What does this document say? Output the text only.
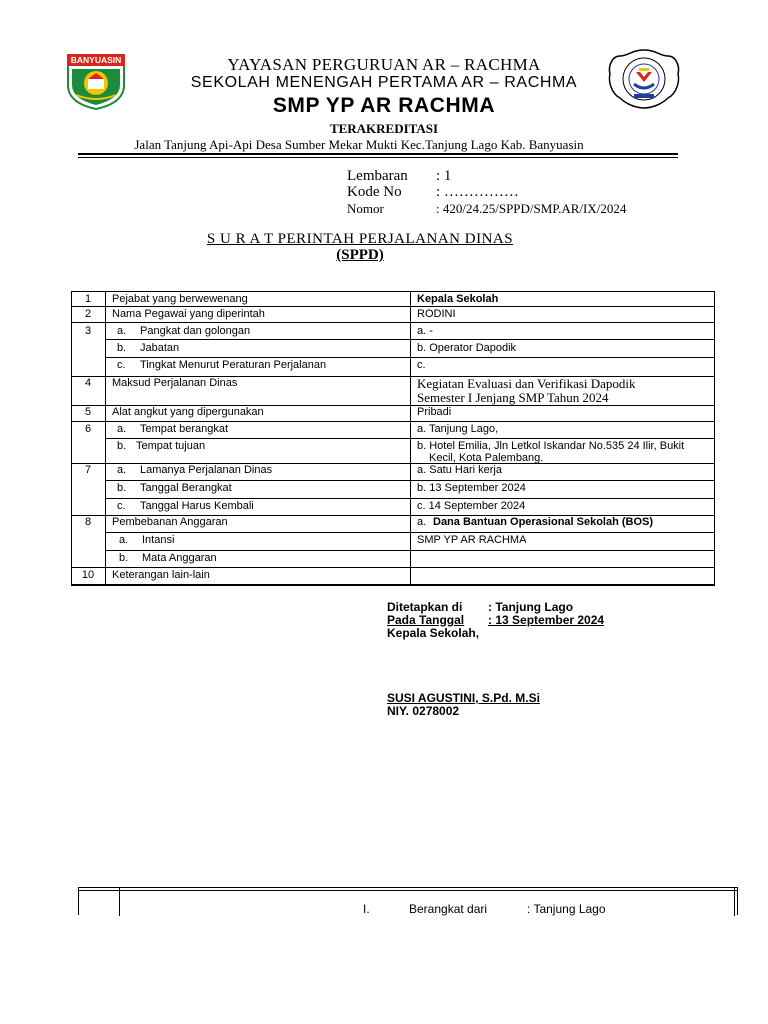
BANYUASIN	YAYASAN PERGURUAN AR – RACHMA
SEKOLAH MENENGAH PERTAMA AR – RACHMA
SMP YP AR RACHMA
TERAKREDITASI
Jalan Tanjung Api-Api Desa Sumber Mekar Mukti Kec.Tanjung Lago Kab. Banyuasin
Lembaran : 1
Kode No : ……………
Nomor	: 420/24.25/SPPD/SMP.AR/IX/2024
S U R A T PERINTAH PERJALANAN DINAS
(SPPD)
1	Pejabat yang berwewenang	Kepala Sekolah
2	Nama Pegawai yang diperintah	RODINI
3	a. Pangkat dan golongan	a. -
b. Jabatan	b. Operator Dapodik
c. Tingkat Menurut Peraturan Perjalanan	c.
4	Maksud Perjalanan Dinas	Kegiatan Evaluasi dan Verifikasi Dapodik
Semester I Jenjang SMP Tahun 2024
5	Alat angkut yang dipergunakan	Pribadi
6	a. Tempat berangkat	a. Tanjung Lago,
b. Tempat tujuan	b. Hotel Emilia, Jln Letkol Iskandar No.535 24 Ilir, Bukit
Kecil, Kota Palembang.
7	a. Lamanya Perjalanan Dinas	a. Satu Hari kerja
b. Tanggal Berangkat	b. 13 September 2024
c. Tanggal Harus Kembali	c. 14 September 2024
8	Pembebanan Anggaran	a. Dana Bantuan Operasional Sekolah (BOS)
a. Intansi	SMP YP AR RACHMA
b. Mata Anggaran
10	Keterangan lain-lain
Ditetapkan di : Tanjung Lago
Pada Tanggal	: 13 September 2024
Kepala Sekolah,
SUSI AGUSTINI, S.Pd. M.Si
NIY. 0278002
I.	Berangkat dari	: Tanjung Lago
